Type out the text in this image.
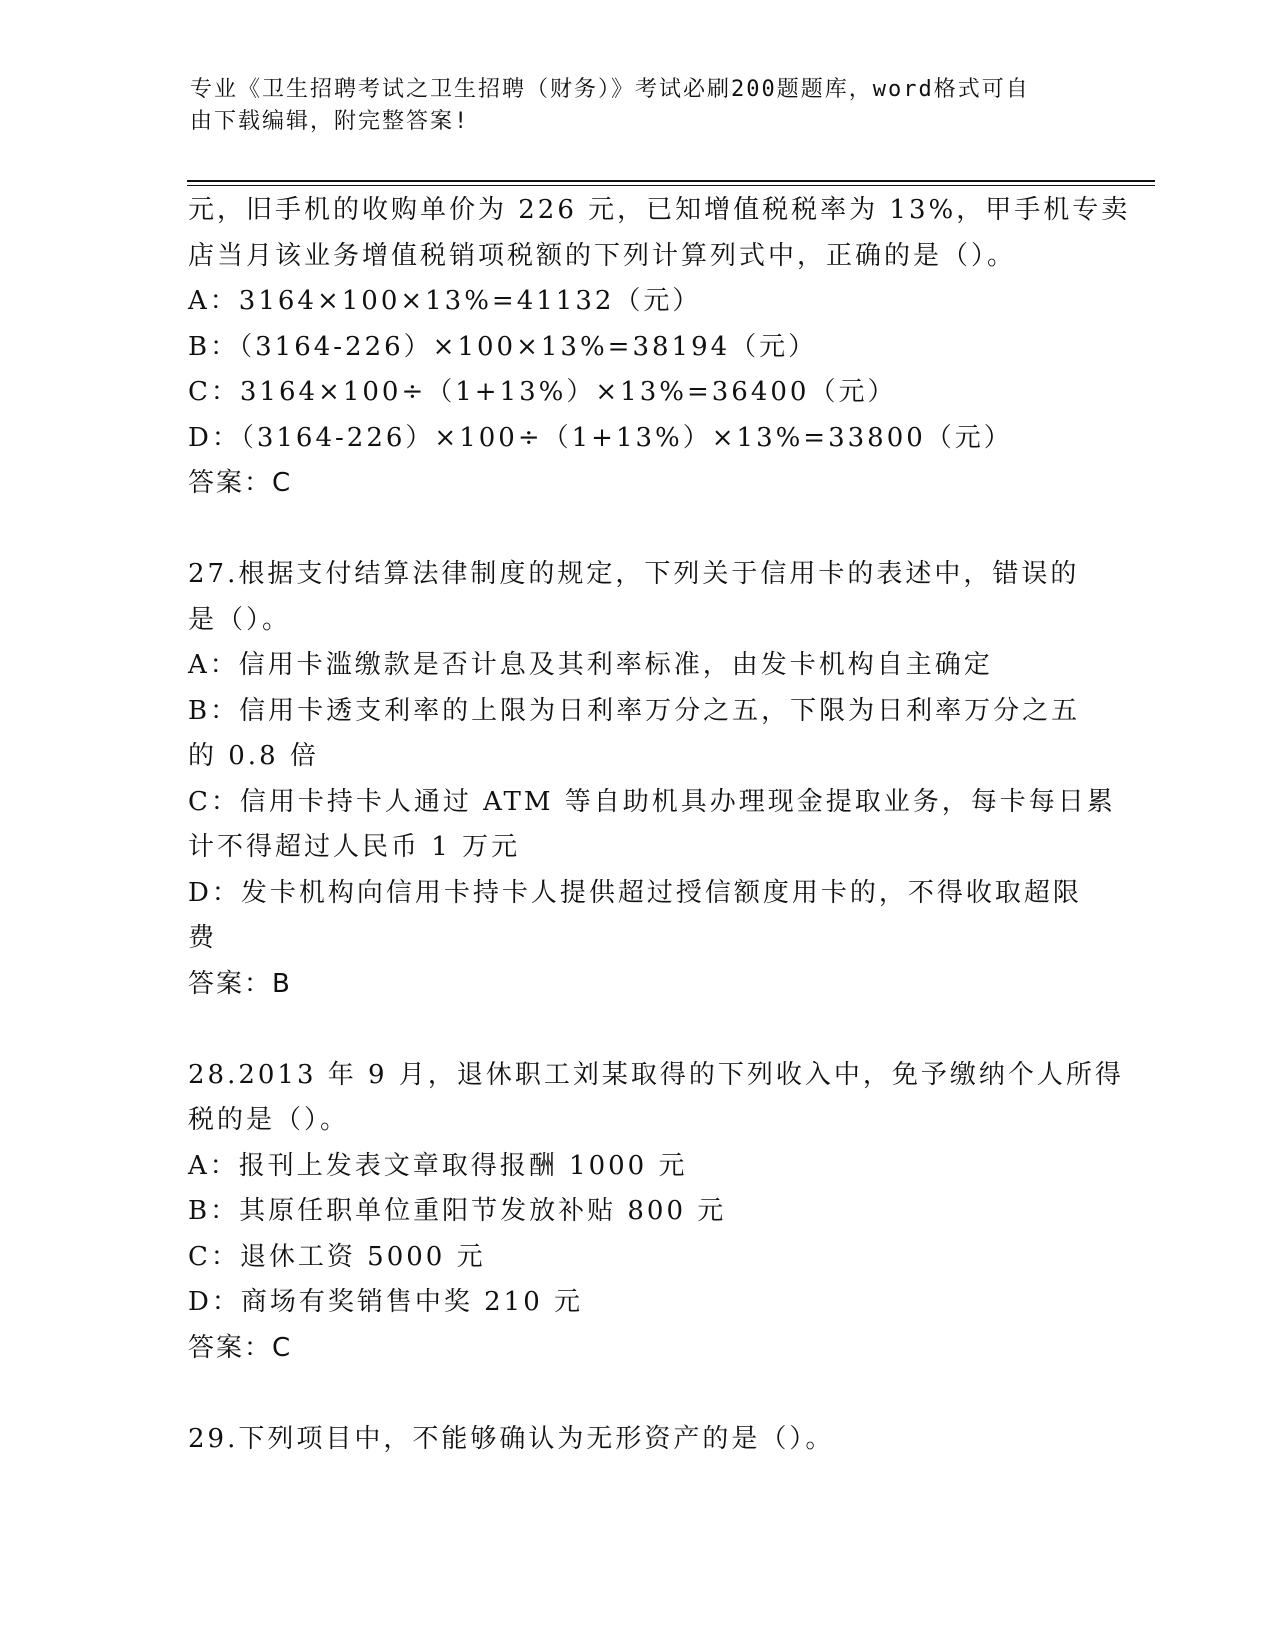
专业《卫生招聘考试之卫生招聘（财务）》考试必刷200题题库，word格式可自
由下载编辑，附完整答案!
元，旧手机的收购单价为 226 元，已知增值税税率为 13%，甲手机专卖
店当月该业务增值税销项税额的下列计算列式中，正确的是（）。
A：3164×100×13%=41132（元）
B：（3164-226）×100×13%=38194（元）
C：3164×100÷（1+13%）×13%=36400（元）
D：（3164-226）×100÷（1+13%）×13%=33800（元）
答案：C
27.根据支付结算法律制度的规定，下列关于信用卡的表述中，错误的
是（）。
A：信用卡滥缴款是否计息及其利率标准，由发卡机构自主确定
B：信用卡透支利率的上限为日利率万分之五，下限为日利率万分之五
的 0.8 倍
C：信用卡持卡人通过 ATM 等自助机具办理现金提取业务，每卡每日累
计不得超过人民币 1 万元
D：发卡机构向信用卡持卡人提供超过授信额度用卡的，不得收取超限
费
答案：B
28.2013 年 9 月，退休职工刘某取得的下列收入中，免予缴纳个人所得
税的是（）。
A：报刊上发表文章取得报酬 1000 元
B：其原任职单位重阳节发放补贴 800 元
C：退休工资 5000 元
D：商场有奖销售中奖 210 元
答案：C
29.下列项目中，不能够确认为无形资产的是（）。
